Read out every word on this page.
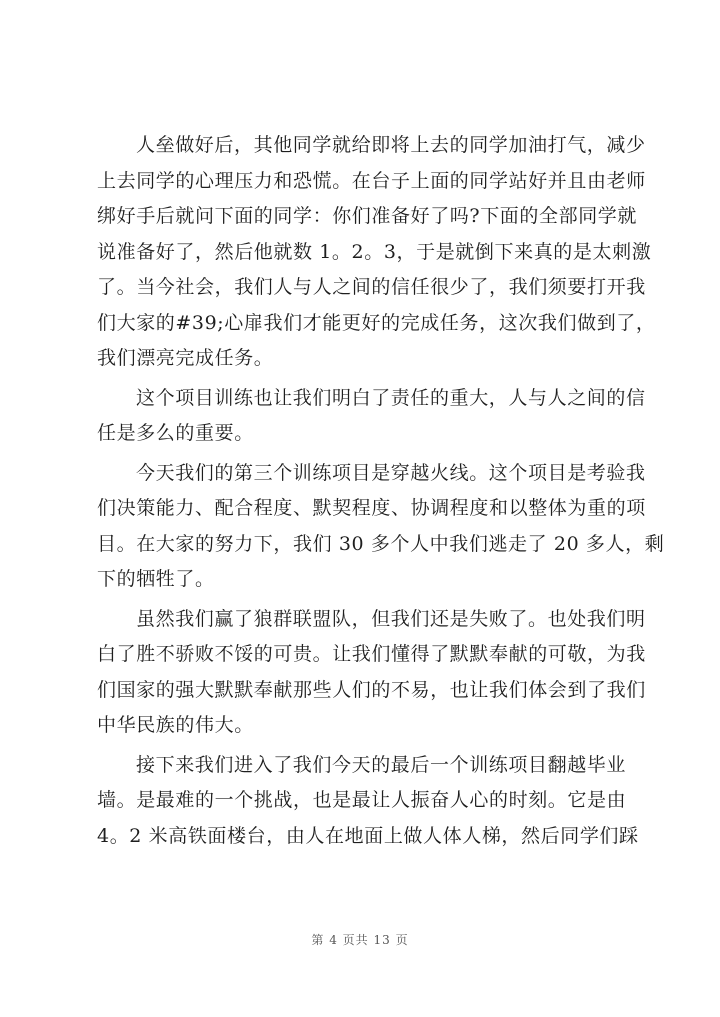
人垒做好后，其他同学就给即将上去的同学加油打气，减少
上去同学的心理压力和恐慌。在台子上面的同学站好并且由老师
绑好手后就问下面的同学：你们准备好了吗?下面的全部同学就
说准备好了，然后他就数 1。2。3，于是就倒下来真的是太刺激
了。当今社会，我们人与人之间的信任很少了，我们须要打开我
们大家的#39;心扉我们才能更好的完成任务，这次我们做到了，
我们漂亮完成任务。

这个项目训练也让我们明白了责任的重大，人与人之间的信
任是多么的重要。

今天我们的第三个训练项目是穿越火线。这个项目是考验我
们决策能力、配合程度、默契程度、协调程度和以整体为重的项
目。在大家的努力下，我们 30 多个人中我们逃走了 20 多人，剩
下的牺牲了。

虽然我们赢了狼群联盟队，但我们还是失败了。也处我们明
白了胜不骄败不馁的可贵。让我们懂得了默默奉献的可敬，为我
们国家的强大默默奉献那些人们的不易，也让我们体会到了我们
中华民族的伟大。

接下来我们进入了我们今天的最后一个训练项目翻越毕业
墙。是最难的一个挑战，也是最让人振奋人心的时刻。它是由
4。2 米高铁面楼台，由人在地面上做人体人梯，然后同学们踩

第 4 页共 13 页
